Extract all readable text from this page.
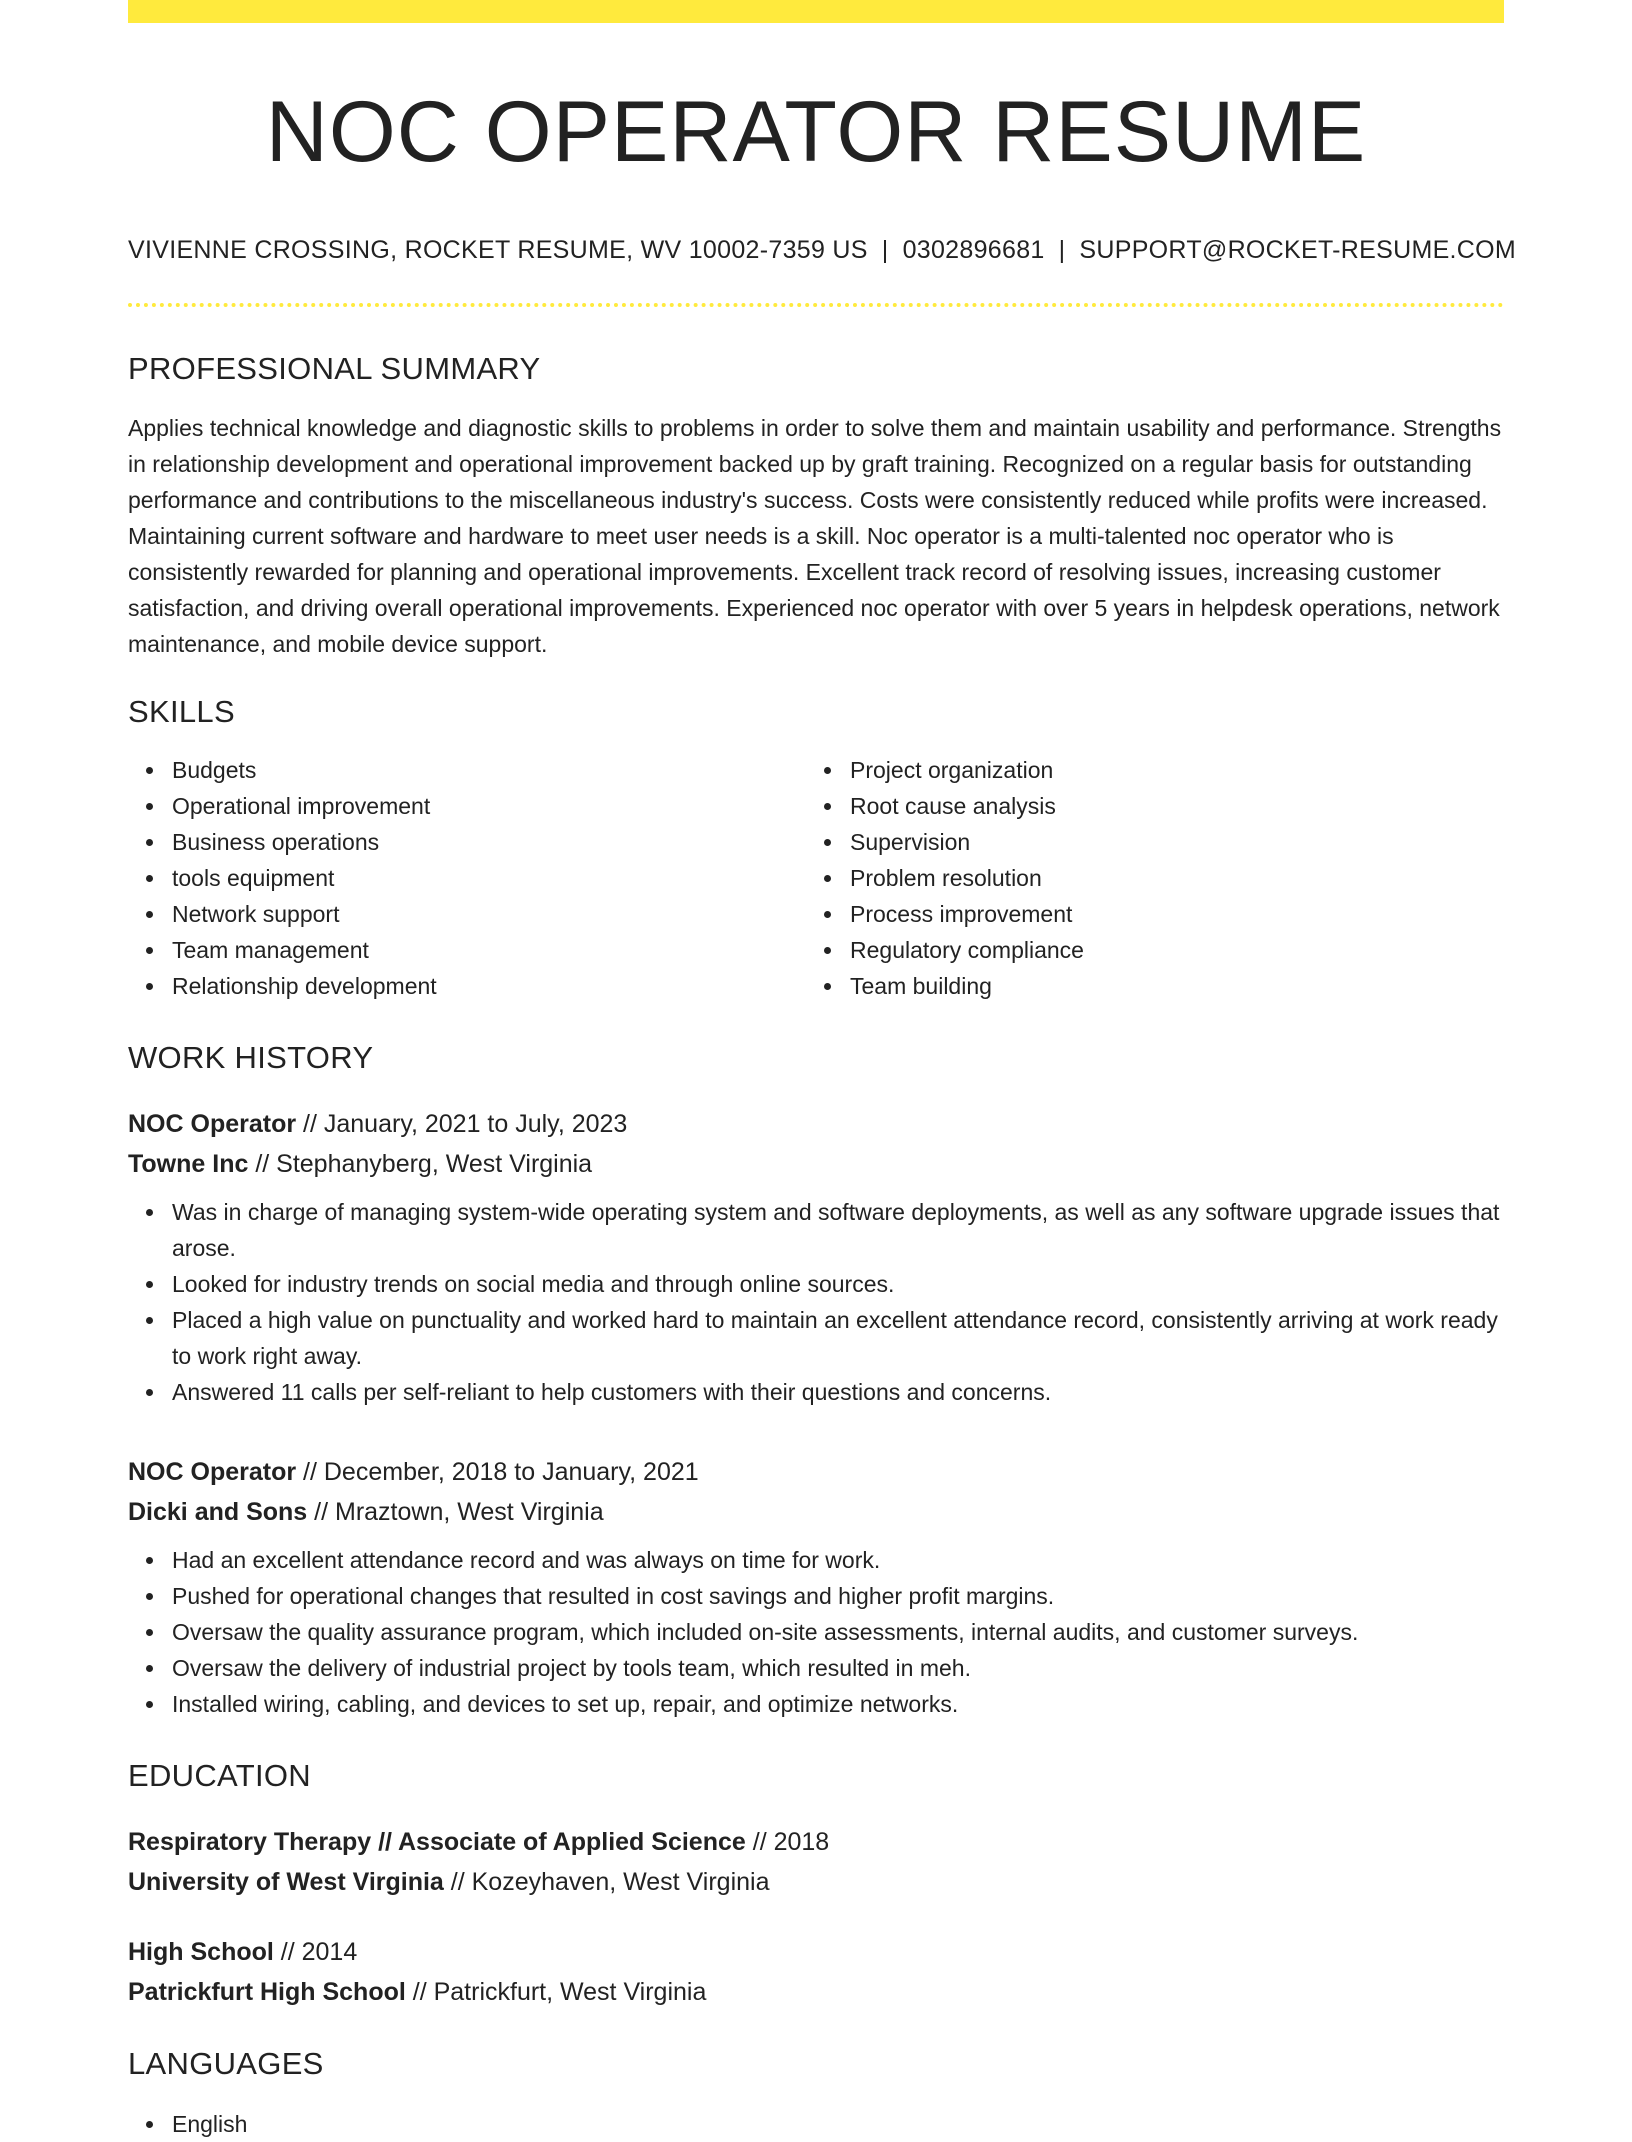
NOC OPERATOR RESUME
VIVIENNE CROSSING, ROCKET RESUME, WV 10002-7359 US | 0302896681 | SUPPORT@ROCKET-RESUME.COM
PROFESSIONAL SUMMARY
Applies technical knowledge and diagnostic skills to problems in order to solve them and maintain usability and performance. Strengths in relationship development and operational improvement backed up by graft training. Recognized on a regular basis for outstanding performance and contributions to the miscellaneous industry's success. Costs were consistently reduced while profits were increased. Maintaining current software and hardware to meet user needs is a skill. Noc operator is a multi-talented noc operator who is consistently rewarded for planning and operational improvements. Excellent track record of resolving issues, increasing customer satisfaction, and driving overall operational improvements. Experienced noc operator with over 5 years in helpdesk operations, network maintenance, and mobile device support.
SKILLS
Budgets
Operational improvement
Business operations
tools equipment
Network support
Team management
Relationship development
Project organization
Root cause analysis
Supervision
Problem resolution
Process improvement
Regulatory compliance
Team building
WORK HISTORY
NOC Operator // January, 2021 to July, 2023
Towne Inc // Stephanyberg, West Virginia
Was in charge of managing system-wide operating system and software deployments, as well as any software upgrade issues that arose.
Looked for industry trends on social media and through online sources.
Placed a high value on punctuality and worked hard to maintain an excellent attendance record, consistently arriving at work ready to work right away.
Answered 11 calls per self-reliant to help customers with their questions and concerns.
NOC Operator // December, 2018 to January, 2021
Dicki and Sons // Mraztown, West Virginia
Had an excellent attendance record and was always on time for work.
Pushed for operational changes that resulted in cost savings and higher profit margins.
Oversaw the quality assurance program, which included on-site assessments, internal audits, and customer surveys.
Oversaw the delivery of industrial project by tools team, which resulted in meh.
Installed wiring, cabling, and devices to set up, repair, and optimize networks.
EDUCATION
Respiratory Therapy // Associate of Applied Science // 2018
University of West Virginia // Kozeyhaven, West Virginia
High School // 2014
Patrickfurt High School // Patrickfurt, West Virginia
LANGUAGES
English
